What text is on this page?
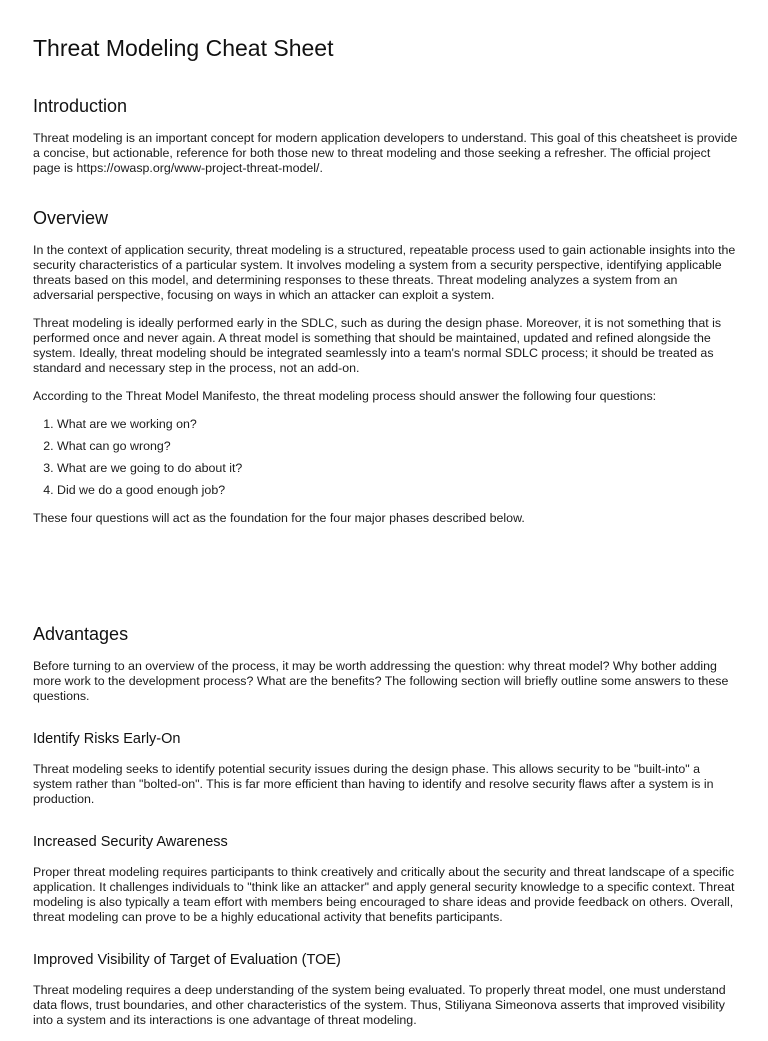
Threat Modeling Cheat Sheet
Introduction

Threat modeling is an important concept for modern application developers to understand. This goal of this cheatsheet is provide a concise, but actionable, reference for both those new to threat modeling and those seeking a refresher. The official project page is https://owasp.org/www-project-threat-model/.

Overview

In the context of application security, threat modeling is a structured, repeatable process used to gain actionable insights into the security characteristics of a particular system. It involves modeling a system from a security perspective, identifying applicable threats based on this model, and determining responses to these threats. Threat modeling analyzes a system from an adversarial perspective, focusing on ways in which an attacker can exploit a system.

Threat modeling is ideally performed early in the SDLC, such as during the design phase. Moreover, it is not something that is performed once and never again. A threat model is something that should be maintained, updated and refined alongside the system. Ideally, threat modeling should be integrated seamlessly into a team's normal SDLC process; it should be treated as standard and necessary step in the process, not an add-on.

According to the Threat Model Manifesto, the threat modeling process should answer the following four questions:

1. What are we working on?
2. What can go wrong?
3. What are we going to do about it?
4. Did we do a good enough job?

These four questions will act as the foundation for the four major phases described below.

Advantages

Before turning to an overview of the process, it may be worth addressing the question: why threat model? Why bother adding more work to the development process? What are the benefits? The following section will briefly outline some answers to these questions.

Identify Risks Early-On

Threat modeling seeks to identify potential security issues during the design phase. This allows security to be "built-into" a system rather than "bolted-on". This is far more efficient than having to identify and resolve security flaws after a system is in production.

Increased Security Awareness

Proper threat modeling requires participants to think creatively and critically about the security and threat landscape of a specific application. It challenges individuals to "think like an attacker" and apply general security knowledge to a specific context. Threat modeling is also typically a team effort with members being encouraged to share ideas and provide feedback on others. Overall, threat modeling can prove to be a highly educational activity that benefits participants.

Improved Visibility of Target of Evaluation (TOE)

Threat modeling requires a deep understanding of the system being evaluated. To properly threat model, one must understand data flows, trust boundaries, and other characteristics of the system. Thus, Stiliyana Simeonova asserts that improved visibility into a system and its interactions is one advantage of threat modeling.
